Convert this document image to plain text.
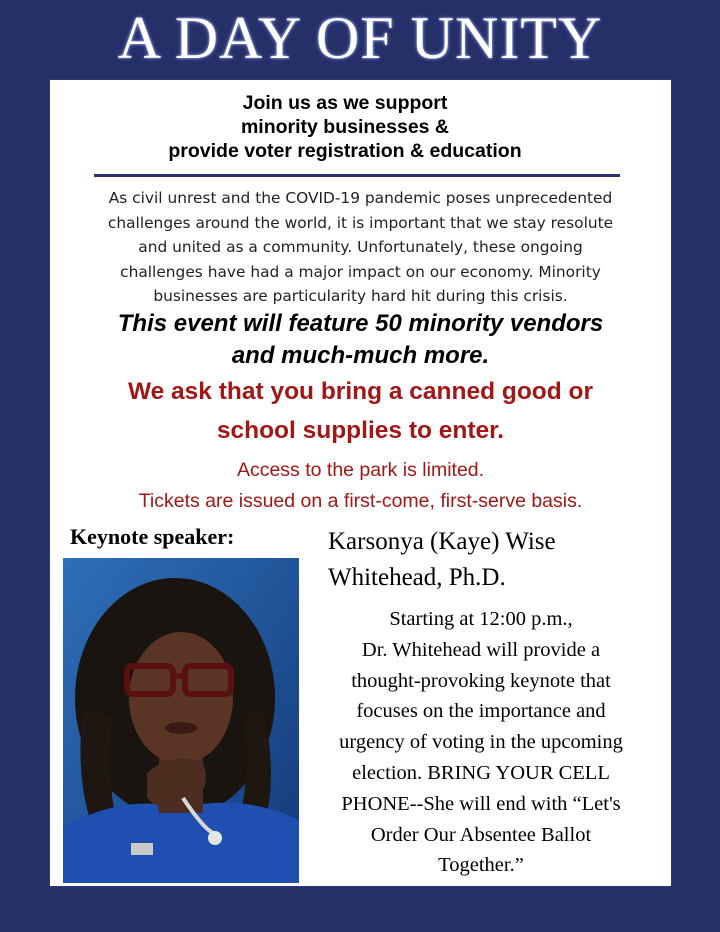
A DAY OF UNITY
Join us as we support
minority businesses &
provide voter registration & education
As civil unrest and the COVID-19 pandemic poses unprecedented
challenges around the world, it is important that we stay resolute
and united as a community. Unfortunately, these ongoing
challenges have had a major impact on our economy. Minority
businesses are particularity hard hit during this crisis.
This event will feature 50 minority vendors
and much-much more.
We ask that you bring a canned good or
school supplies to enter.
Access to the park is limited.
Tickets are issued on a first-come, first-serve basis.
Keynote speaker:	Karsonya (Kaye) Wise
Whitehead, Ph.D.
Starting at 12:00 p.m.,
Dr. Whitehead will provide a
thought-provoking keynote that
focuses on the importance and
urgency of voting in the upcoming
election. BRING YOUR CELL
PHONE--She will end with “Let's
Order Our Absentee Ballot
Together.”
